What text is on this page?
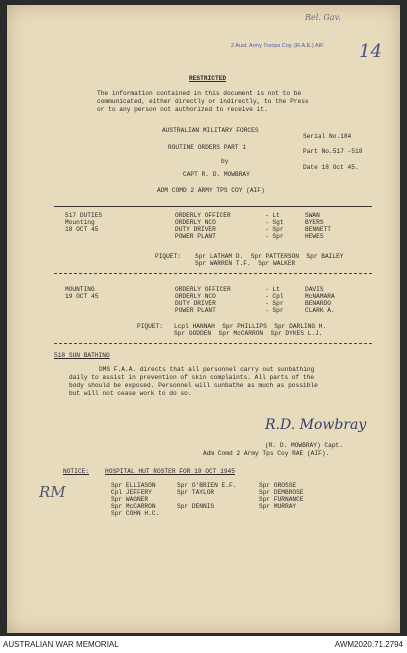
Rel. Gav.
2 Aust. Army Troops Coy. (R.A.E.) AIF. 14
RESTRICTED
The information contained in this document is not to be
communicated, either directly or indirectly, to the Press
or to any person not authorized to receive it.
AUSTRALIAN MILITARY FORCES
Serial No.184
ROUTINE ORDERS PART 1
Part No.517 -518
by
Date 18 Oct 45.
CAPT R. D. MOWBRAY
ADM COMD 2 ARMY TPS COY (AIF)
517 DUTIES
Mounting
18 OCT 45
ORDERLY OFFICER	- Lt	SWAN
ORDERLY NCO	- Sgt	BYERS
DUTY DRIVER	- Spr	BENNETT
POWER PLANT	- Spr	HEWES
PIQUET: Spr LATHAM D.  Spr PATTERSON  Spr BAILEY
Spr WARREN T.F.  Spr WALKER
MOUNTING
19 OCT 45
ORDERLY OFFICER	- Lt	DAVIS
ORDERLY NCO	- Cpl	McNAMARA
DUTY DRIVER	- Spr	BENARDO
POWER PLANT	- Spr	CLARK A.
PIQUET: Lcpl HANNAH  Spr PHILLIPS  Spr DARLING H.
Spr GODDEN  Spr McCARRON  Spr DYKES L.J.
518 SUN BATHING
DMS F.A.A. directs that all personnel carry out sunbathing
daily to assist in prevention of skin complaints. All parts of the
body should be exposed. Personnel will sunbathe as much as possible
but will not cease work to do so.
R.D. Mowbray
(R. D. MOWBRAY) Capt.
Adm Comd 2 Army Tps Coy RAE (AIF).
NOTICE:	HOSPITAL HUT ROSTER FOR 19 OCT 1945
Spr ELLIASON
Cpl JEFFERY
Spr WAGNER
Spr McCARRON
Spr COHN H.C.
Spr O'BRIEN E.F.
Spr TAYLOR
Spr DENNIS
Spr GROSSE
Spr DEMBROSE
Spr FURNANCE
Spr MURRAY
RM
AUSTRALIAN WAR MEMORIAL	AWM2020.71.2794
